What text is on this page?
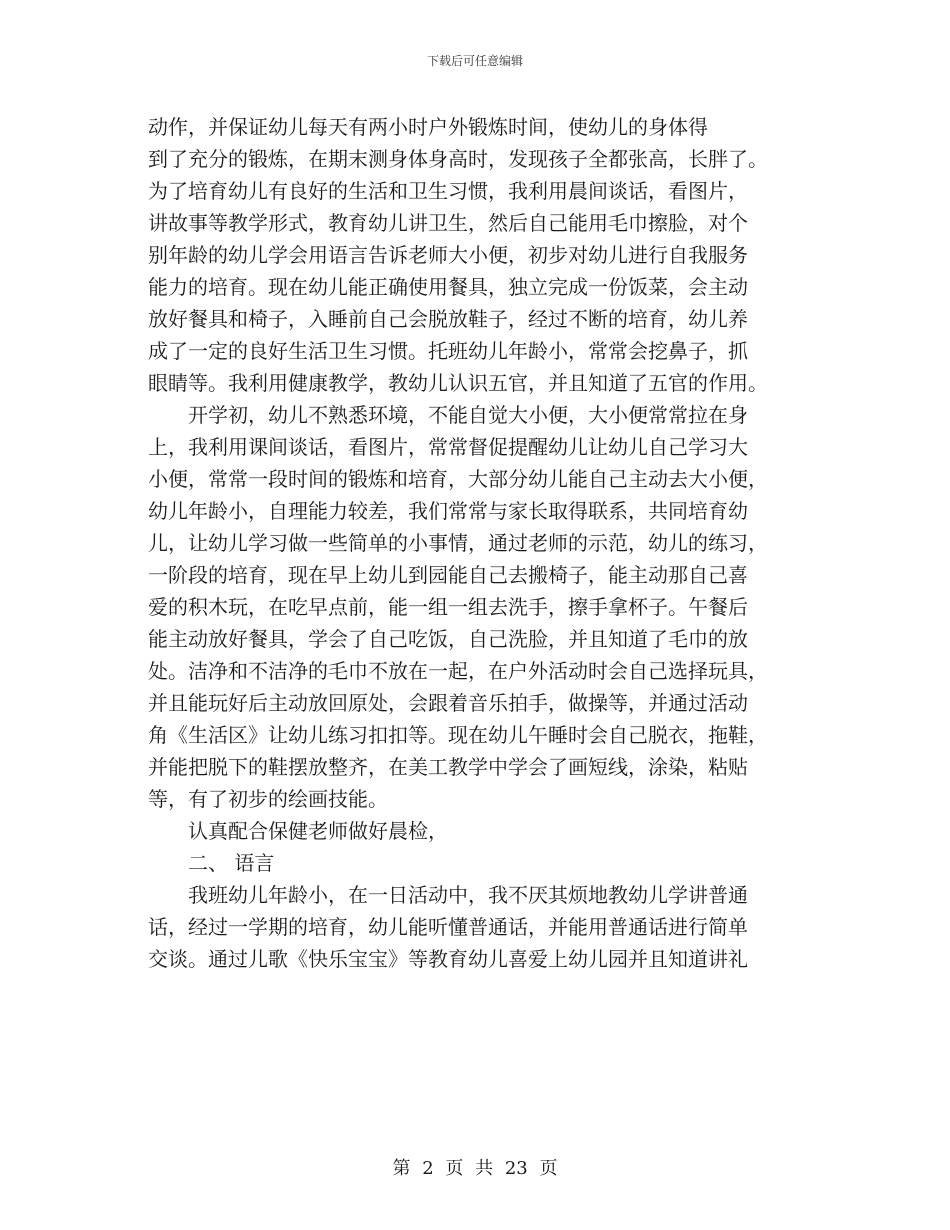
下载后可任意编辑
动作，并保证幼儿每天有两小时户外锻炼时间，使幼儿的身体得
到了充分的锻炼，在期末测身体身高时，发现孩子全都张高，长胖了。
为了培育幼儿有良好的生活和卫生习惯，我利用晨间谈话，看图片，
讲故事等教学形式，教育幼儿讲卫生，然后自己能用毛巾擦脸，对个
别年龄的幼儿学会用语言告诉老师大小便，初步对幼儿进行自我服务
能力的培育。现在幼儿能正确使用餐具，独立完成一份饭菜，会主动
放好餐具和椅子，入睡前自己会脱放鞋子，经过不断的培育，幼儿养
成了一定的良好生活卫生习惯。托班幼儿年龄小，常常会挖鼻子，抓
眼睛等。我利用健康教学，教幼儿认识五官，并且知道了五官的作用。
开学初，幼儿不熟悉环境，不能自觉大小便，大小便常常拉在身
上，我利用课间谈话，看图片，常常督促提醒幼儿让幼儿自己学习大
小便，常常一段时间的锻炼和培育，大部分幼儿能自己主动去大小便，
幼儿年龄小，自理能力较差，我们常常与家长取得联系，共同培育幼
儿，让幼儿学习做一些简单的小事情，通过老师的示范，幼儿的练习，
一阶段的培育，现在早上幼儿到园能自己去搬椅子，能主动那自己喜
爱的积木玩，在吃早点前，能一组一组去洗手，擦手拿杯子。午餐后
能主动放好餐具，学会了自己吃饭，自己洗脸，并且知道了毛巾的放
处。洁净和不洁净的毛巾不放在一起，在户外活动时会自己选择玩具，
并且能玩好后主动放回原处，会跟着音乐拍手，做操等，并通过活动
角《生活区》让幼儿练习扣扣等。现在幼儿午睡时会自己脱衣，拖鞋，
并能把脱下的鞋摆放整齐，在美工教学中学会了画短线，涂染，粘贴
等，有了初步的绘画技能。
认真配合保健老师做好晨检，
二、 语言
我班幼儿年龄小，在一日活动中，我不厌其烦地教幼儿学讲普通
话，经过一学期的培育，幼儿能听懂普通话，并能用普通话进行简单
交谈。通过儿歌《快乐宝宝》等教育幼儿喜爱上幼儿园并且知道讲礼
第 2 页 共 23 页
